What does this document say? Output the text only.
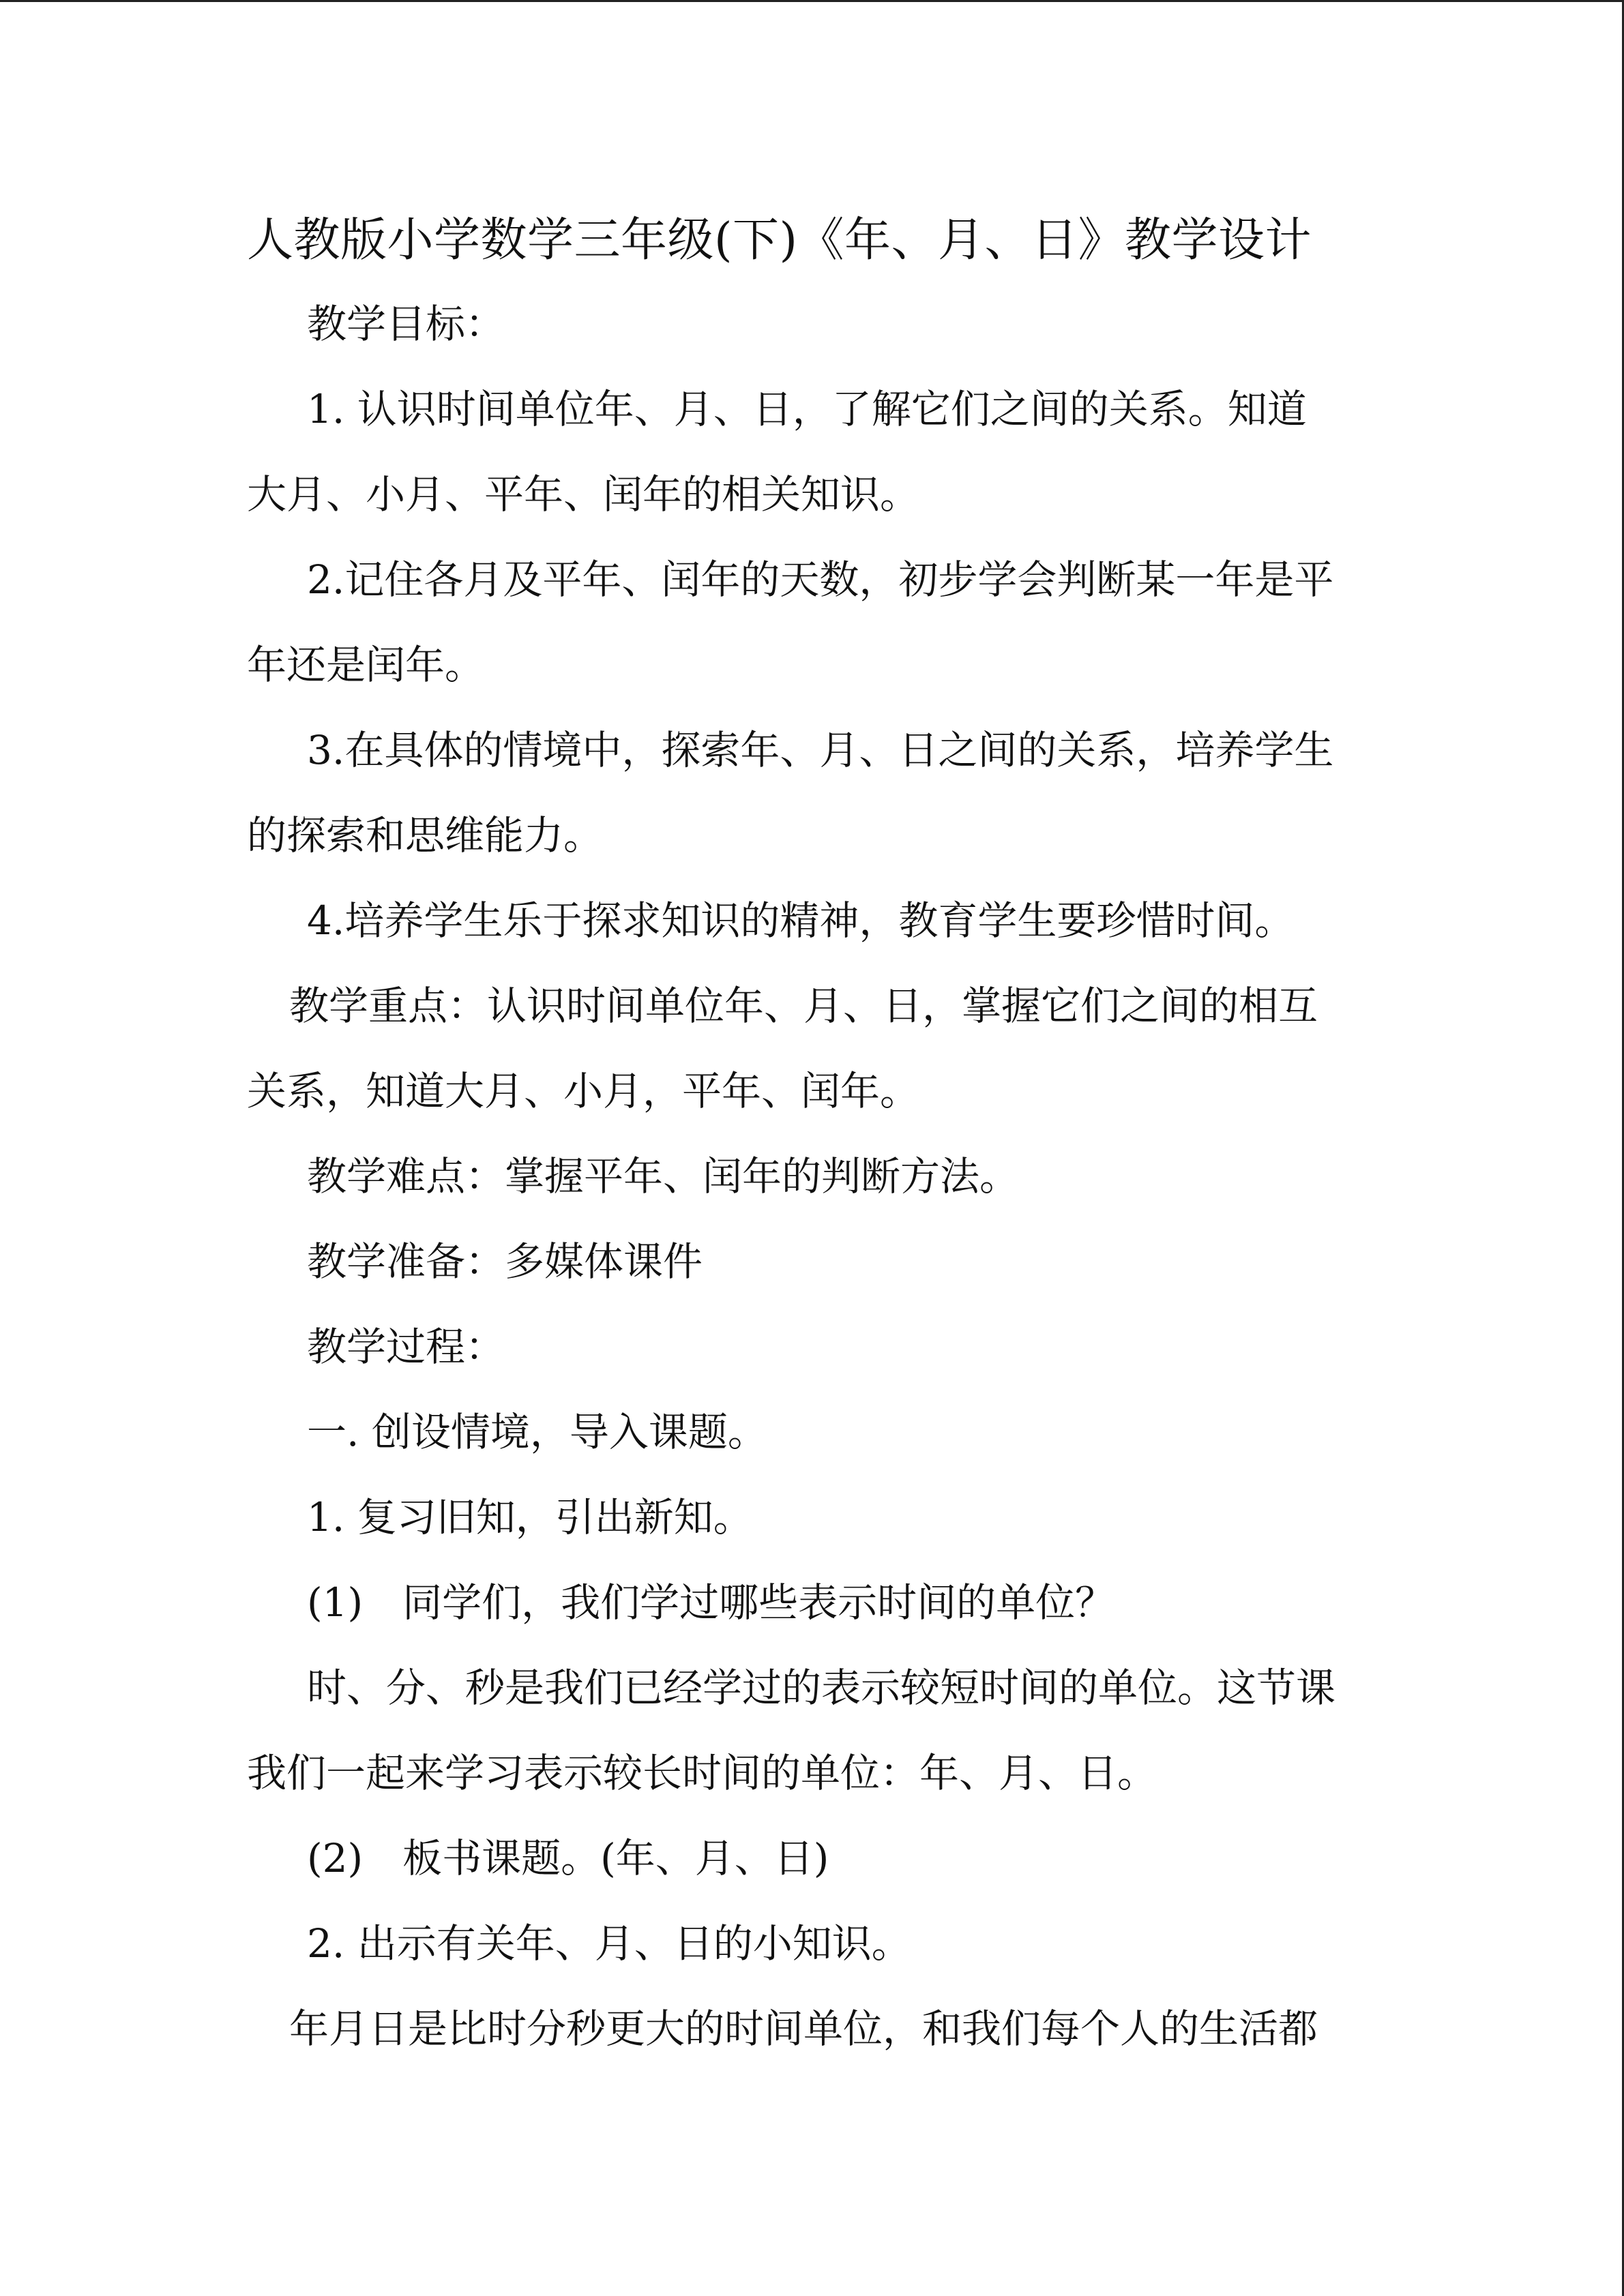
人教版小学数学三年级(下)《年、月、日》教学设计

教学目标：

1. 认识时间单位年、月、日，了解它们之间的关系。知道

大月、小月、平年、闰年的相关知识。

2.记住各月及平年、闰年的天数，初步学会判断某一年是平

年还是闰年。

3.在具体的情境中，探索年、月、日之间的关系，培养学生

的探索和思维能力。

4.培养学生乐于探求知识的精神，教育学生要珍惜时间。

教学重点：认识时间单位年、月、日，掌握它们之间的相互

关系，知道大月、小月，平年、闰年。

教学难点：掌握平年、闰年的判断方法。

教学准备：多媒体课件

教学过程：

一. 创设情境，导入课题。

1. 复习旧知，引出新知。

(1)　同学们，我们学过哪些表示时间的单位？

时、分、秒是我们已经学过的表示较短时间的单位。这节课

我们一起来学习表示较长时间的单位：年、月、日。

(2)　板书课题。(年、月、日)

2. 出示有关年、月、日的小知识。

年月日是比时分秒更大的时间单位，和我们每个人的生活都
